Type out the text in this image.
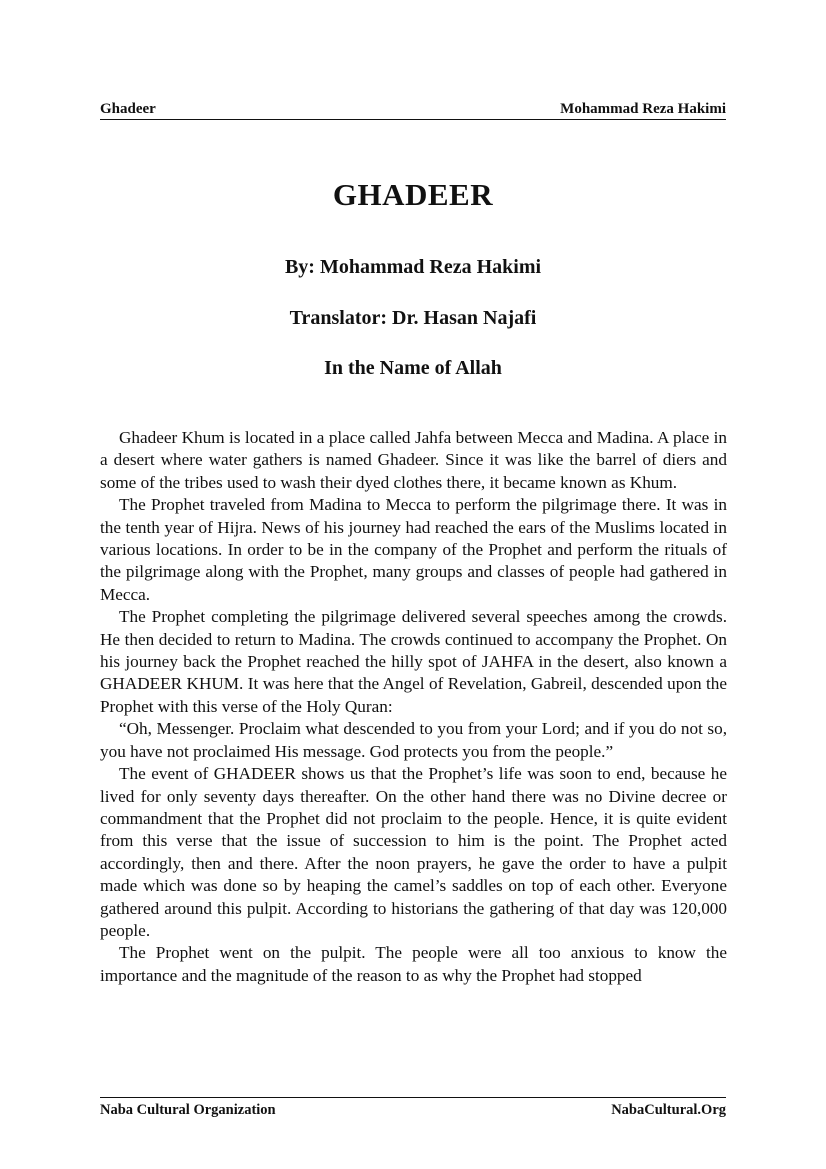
Ghadeer	Mohammad Reza Hakimi
GHADEER
By: Mohammad Reza Hakimi
Translator: Dr. Hasan Najafi
In the Name of Allah

Ghadeer Khum is located in a place called Jahfa between Mecca and Madina. A place in a desert where water gathers is named Ghadeer. Since it was like the barrel of diers and some of the tribes used to wash their dyed clothes there, it became known as Khum.

The Prophet traveled from Madina to Mecca to perform the pilgrimage there. It was in the tenth year of Hijra. News of his journey had reached the ears of the Muslims located in various locations. In order to be in the company of the Prophet and perform the rituals of the pilgrimage along with the Prophet, many groups and classes of people had gathered in Mecca.

The Prophet completing the pilgrimage delivered several speeches among the crowds. He then decided to return to Madina. The crowds continued to accompany the Prophet. On his journey back the Prophet reached the hilly spot of JAHFA in the desert, also known a GHADEER KHUM. It was here that the Angel of Revelation, Gabreil, descended upon the Prophet with this verse of the Holy Quran:

“Oh, Messenger. Proclaim what descended to you from your Lord; and if you do not so, you have not proclaimed His message. God protects you from the people.”

The event of GHADEER shows us that the Prophet’s life was soon to end, because he lived for only seventy days thereafter. On the other hand there was no Divine decree or commandment that the Prophet did not proclaim to the people. Hence, it is quite evident from this verse that the issue of succession to him is the point. The Prophet acted accordingly, then and there. After the noon prayers, he gave the order to have a pulpit made which was done so by heaping the camel’s saddles on top of each other. Everyone gathered around this pulpit. According to historians the gathering of that day was 120,000 people.

The Prophet went on the pulpit. The people were all too anxious to know the importance and the magnitude of the reason to as why the Prophet had stopped

Naba Cultural Organization	NabaCultural.Org
